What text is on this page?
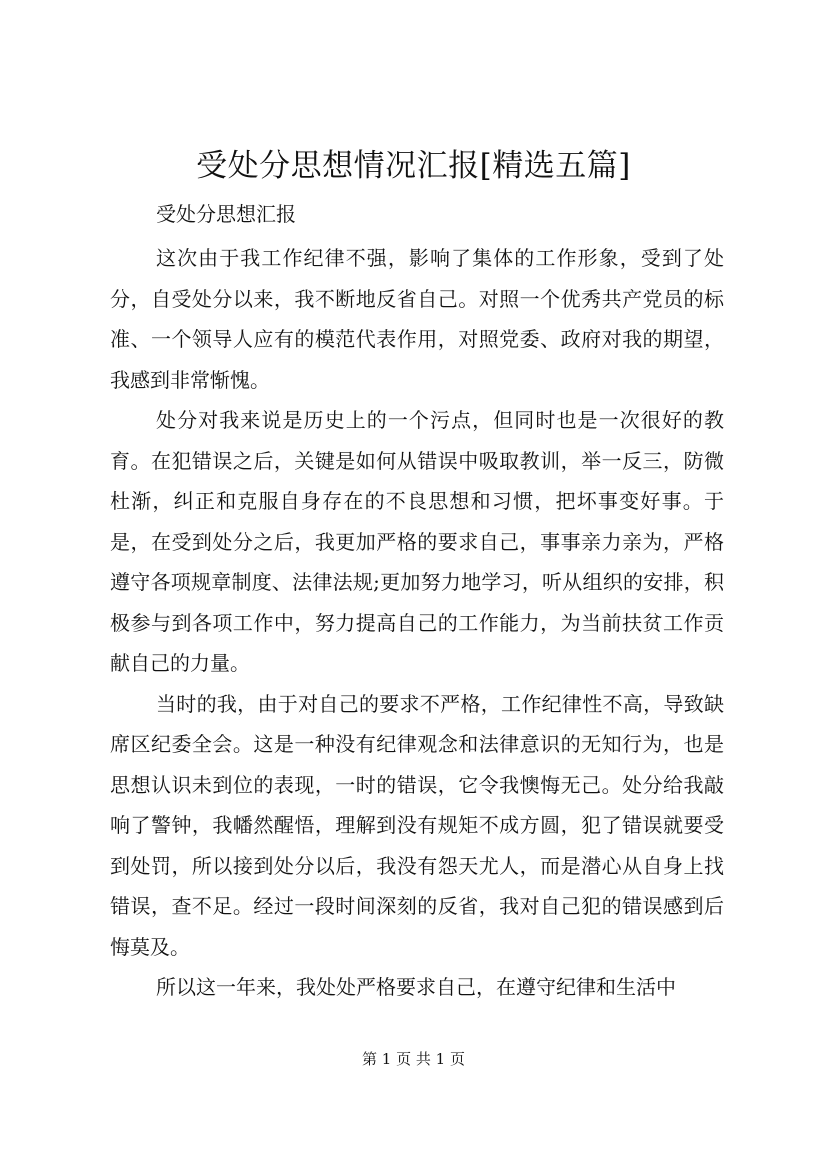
受处分思想情况汇报[精选五篇]
受处分思想汇报

这次由于我工作纪律不强，影响了集体的工作形象，受到了处分，自受处分以来，我不断地反省自己。对照一个优秀共产党员的标准、一个领导人应有的模范代表作用，对照党委、政府对我的期望，我感到非常惭愧。

处分对我来说是历史上的一个污点，但同时也是一次很好的教育。在犯错误之后，关键是如何从错误中吸取教训，举一反三，防微杜渐，纠正和克服自身存在的不良思想和习惯，把坏事变好事。于是，在受到处分之后，我更加严格的要求自己，事事亲力亲为，严格遵守各项规章制度、法律法规;更加努力地学习，听从组织的安排，积极参与到各项工作中，努力提高自己的工作能力，为当前扶贫工作贡献自己的力量。

当时的我，由于对自己的要求不严格，工作纪律性不高，导致缺席区纪委全会。这是一种没有纪律观念和法律意识的无知行为，也是思想认识未到位的表现，一时的错误，它令我懊悔无己。处分给我敲响了警钟，我幡然醒悟，理解到没有规矩不成方圆，犯了错误就要受到处罚，所以接到处分以后，我没有怨天尤人，而是潜心从自身上找错误，查不足。经过一段时间深刻的反省，我对自己犯的错误感到后悔莫及。

所以这一年来，我处处严格要求自己，在遵守纪律和生活中

第 1 页 共 1 页
